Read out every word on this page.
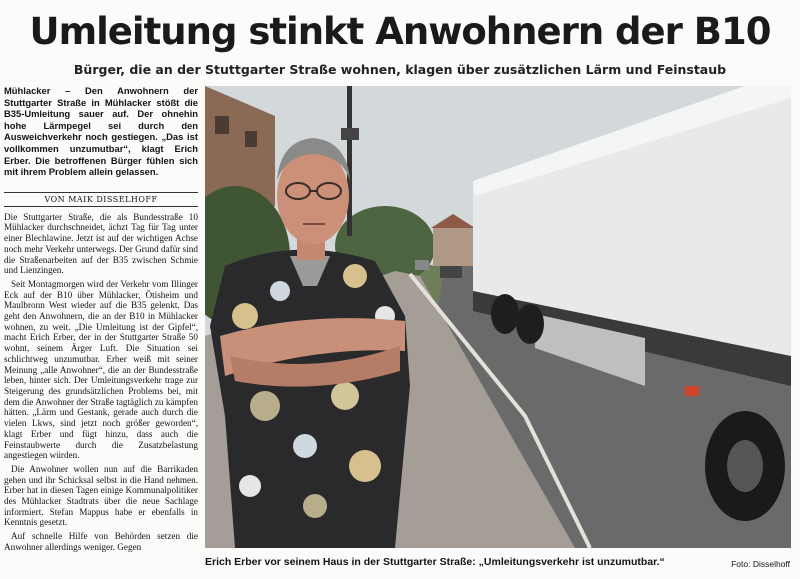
Umleitung stinkt Anwohnern der B10
Bürger, die an der Stuttgarter Straße wohnen, klagen über zusätzlichen Lärm und Feinstaub

Mühlacker – Den Anwohnern der Stuttgarter Straße in Mühlacker stößt die B35-Umleitung sauer auf. Der ohnehin hohe Lärmpegel sei durch den Ausweichverkehr noch gestiegen. „Das ist vollkommen unzumutbar“, klagt Erich Erber. Die betroffenen Bürger fühlen sich mit ihrem Problem allein gelassen.

VON MAIK DISSELHOFF

Die Stuttgarter Straße, die als Bundesstraße 10 Mühlacker durchschneidet, ächzt Tag für Tag unter einer Blechlawine. Jetzt ist auf der wichtigen Achse noch mehr Verkehr unterwegs. Der Grund dafür sind die Straßenarbeiten auf der B35 zwischen Schmie und Lienzingen.

Seit Montagmorgen wird der Verkehr vom Illinger Eck auf der B10 über Mühlacker, Ötisheim und Maulbronn West wieder auf die B35 gelenkt. Das geht den Anwohnern, die an der B10 in Mühlacker wohnen, zu weit. „Die Umleitung ist der Gipfel“, macht Erich Erber, der in der Stuttgarter Straße 50 wohnt, seinem Ärger Luft. Die Situation sei schlichtweg unzumutbar. Erber weiß mit seiner Meinung „alle Anwohner“, die an der Bundesstraße leben, hinter sich. Der Umleitungsverkehr trage zur Steigerung des grundsätzlichen Problems bei, mit dem die Anwohner der Straße tagtäglich zu kämpfen hätten. „Lärm und Gestank, gerade auch durch die vielen Lkws, sind jetzt noch größer geworden“, klagt Erber und fügt hinzu, dass auch die Feinstaubwerte durch die Zusatzbelastung angestiegen würden.

Die Anwohner wollen nun auf die Barrikaden gehen und ihr Schicksal selbst in die Hand nehmen. Erber hat in diesen Tagen einige Kommunalpolitiker des Mühlacker Stadtrats über die neue Sachlage informiert. Stefan Mappus habe er ebenfalls in Kenntnis gesetzt.

Auf schnelle Hilfe von Behörden setzen die Anwohner allerdings weniger. Gegen

Erich Erber vor seinem Haus in der Stuttgarter Straße: „Umleitungsverkehr ist unzumutbar.“	Foto: Disselhoff
